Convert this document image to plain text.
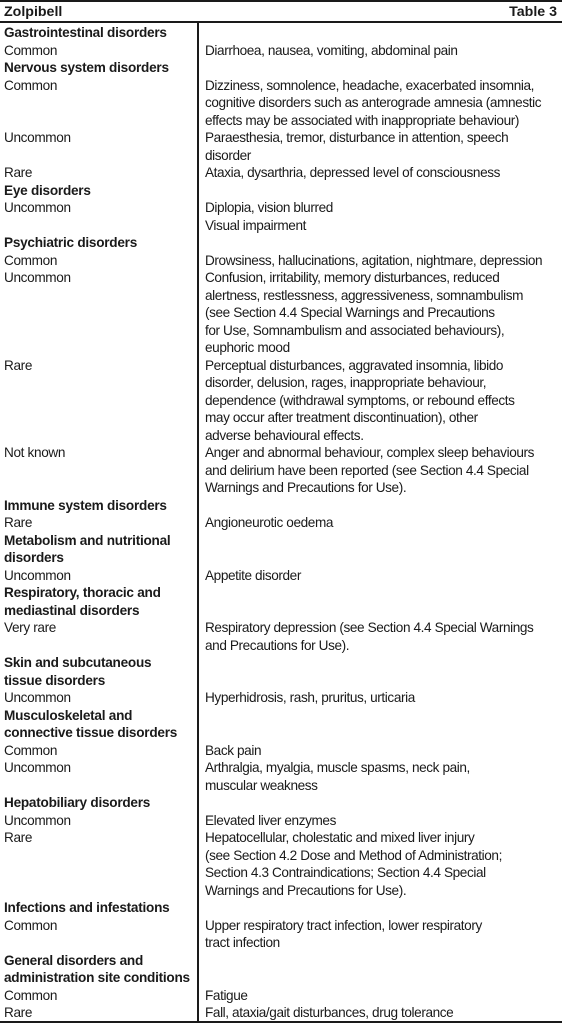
Zolpibell	Table 3
Gastrointestinal disorders
Common	Diarrhoea, nausea, vomiting, abdominal pain
Nervous system disorders
Common	Dizziness, somnolence, headache, exacerbated insomnia,
cognitive disorders such as anterograde amnesia (amnestic
effects may be associated with inappropriate behaviour)
Uncommon	Paraesthesia, tremor, disturbance in attention, speech
disorder
Rare	Ataxia, dysarthria, depressed level of consciousness
Eye disorders
Uncommon	Diplopia, vision blurred
Visual impairment
Psychiatric disorders
Common	Drowsiness, hallucinations, agitation, nightmare, depression
Uncommon	Confusion, irritability, memory disturbances, reduced
alertness, restlessness, aggressiveness, somnambulism
(see Section 4.4 Special Warnings and Precautions
for Use, Somnambulism and associated behaviours),
euphoric mood
Rare	Perceptual disturbances, aggravated insomnia, libido
disorder, delusion, rages, inappropriate behaviour,
dependence (withdrawal symptoms, or rebound effects
may occur after treatment discontinuation), other
adverse behavioural effects.
Not known	Anger and abnormal behaviour, complex sleep behaviours
and delirium have been reported (see Section 4.4 Special
Warnings and Precautions for Use).
Immune system disorders
Rare	Angioneurotic oedema
Metabolism and nutritional
disorders
Uncommon	Appetite disorder
Respiratory, thoracic and
mediastinal disorders
Very rare	Respiratory depression (see Section 4.4 Special Warnings
and Precautions for Use).
Skin and subcutaneous
tissue disorders
Uncommon	Hyperhidrosis, rash, pruritus, urticaria
Musculoskeletal and
connective tissue disorders
Common	Back pain
Uncommon	Arthralgia, myalgia, muscle spasms, neck pain,
muscular weakness
Hepatobiliary disorders
Uncommon	Elevated liver enzymes
Rare	Hepatocellular, cholestatic and mixed liver injury
(see Section 4.2 Dose and Method of Administration;
Section 4.3 Contraindications; Section 4.4 Special
Warnings and Precautions for Use).
Infections and infestations
Common	Upper respiratory tract infection, lower respiratory
tract infection
General disorders and
administration site conditions
Common	Fatigue
Rare	Fall, ataxia/gait disturbances, drug tolerance
